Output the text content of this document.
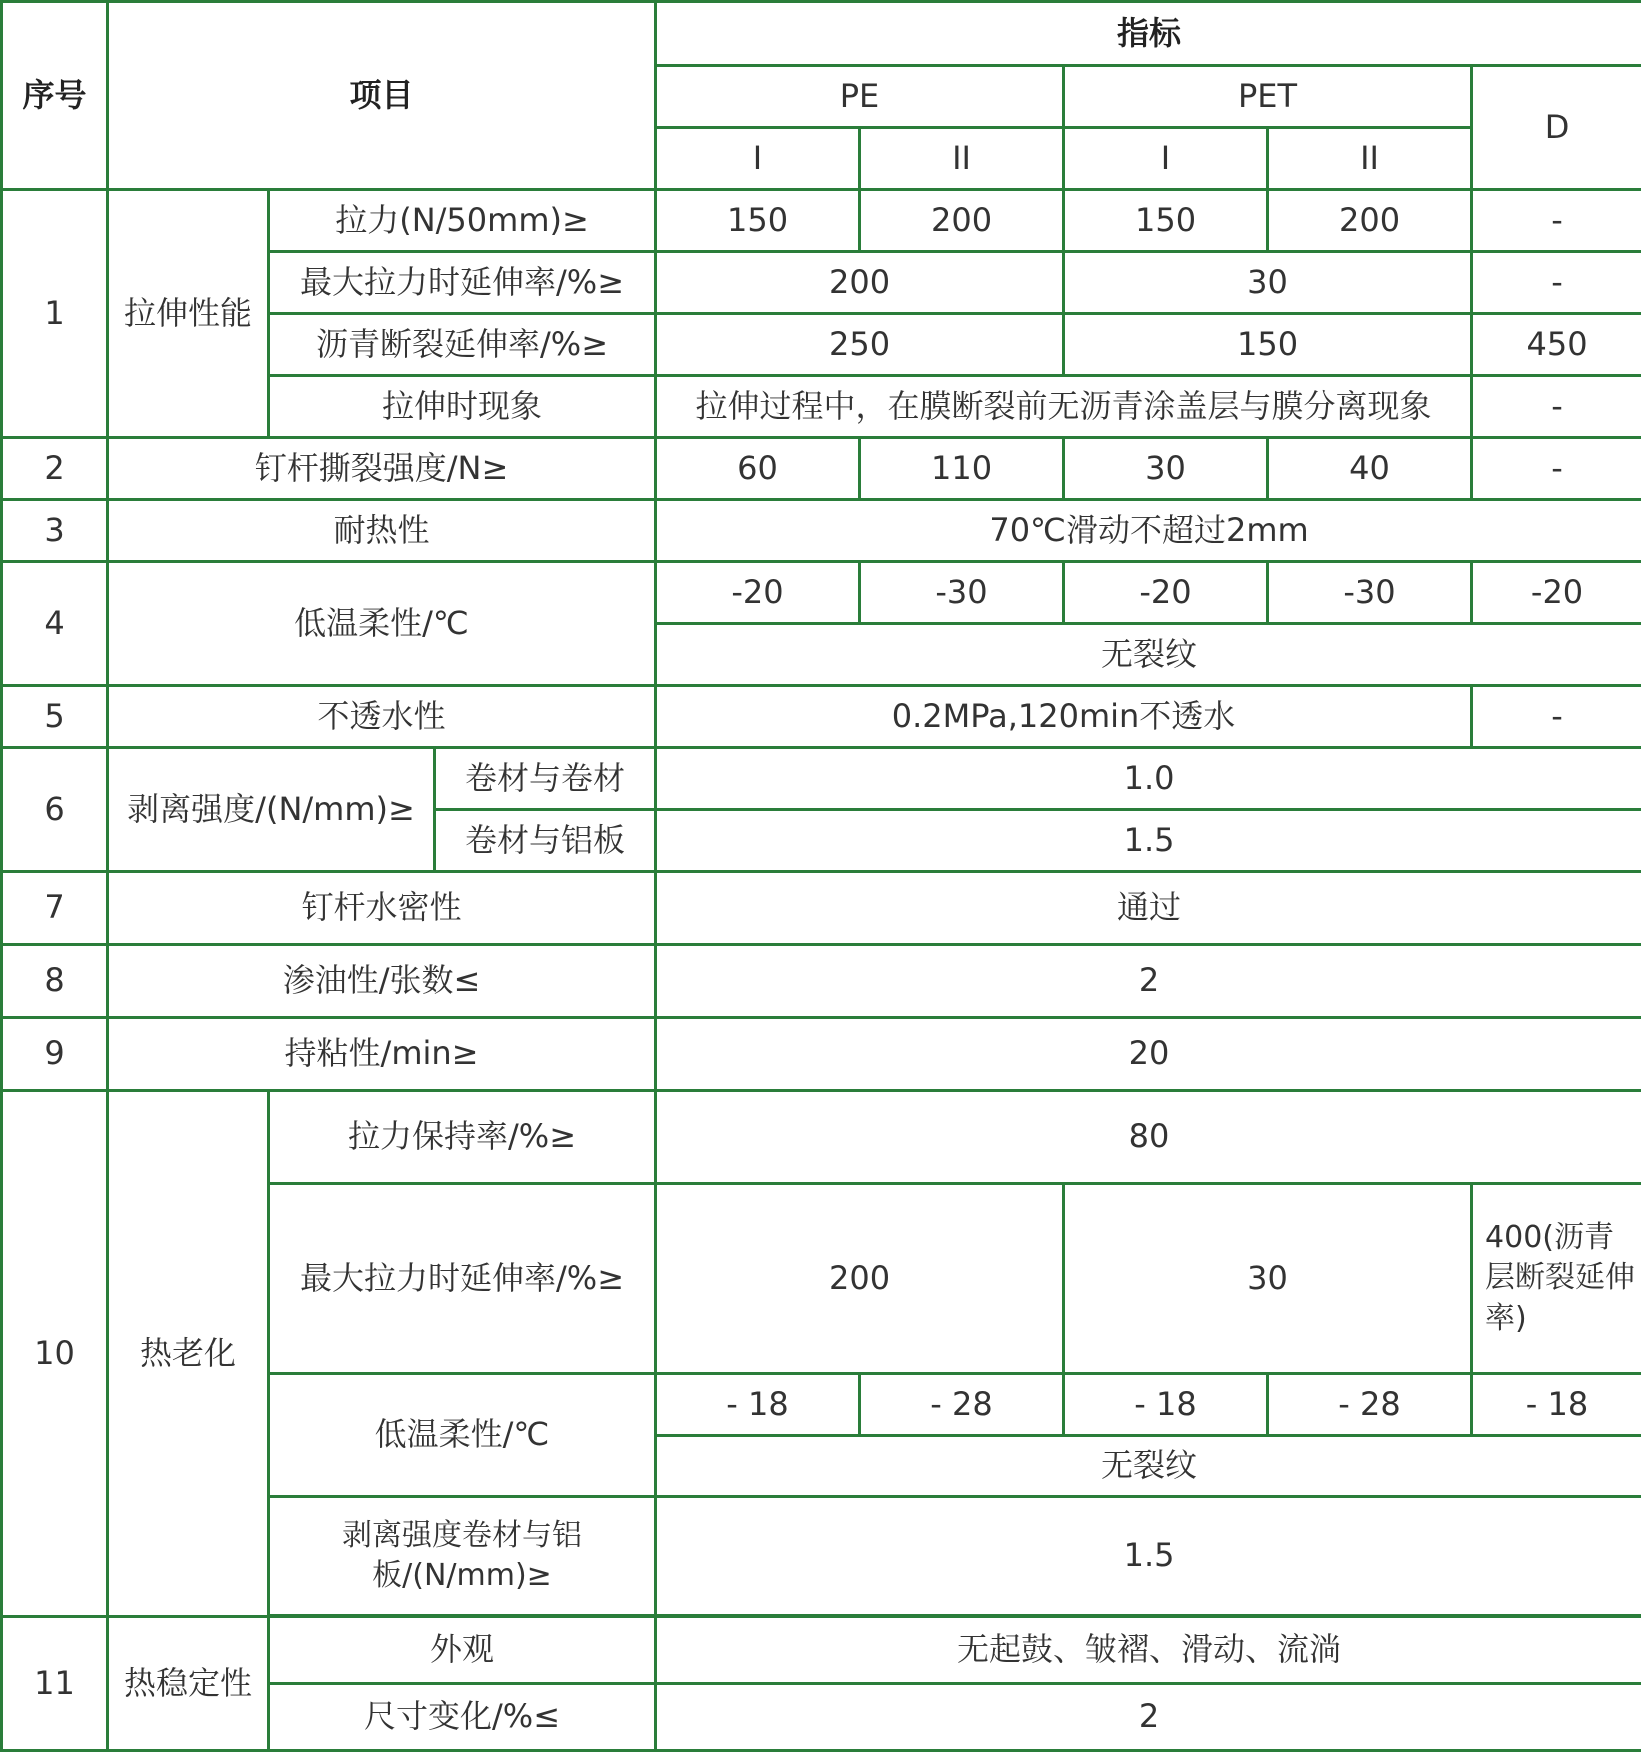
序号	项目			指标				
				PE		PET		D
				I	II	I	II	
1	拉伸性能	拉力(N/50mm)≥		150	200	150	200	-
		最大拉力时延伸率/%≥		200		30		-
		沥青断裂延伸率/%≥		250		150		450
		拉伸时现象		拉伸过程中，在膜断裂前无沥青涂盖层与膜分离现象				-
2	钉杆撕裂强度/N≥			60	110	30	40	-
3	耐热性			70℃滑动不超过2mm				
4	低温柔性/℃			-20	-30	-20	-30	-20
				无裂纹				
5	不透水性			0.2MPa,120min不透水				-
6	剥离强度/(N/mm)≥		卷材与卷材	1.0				
			卷材与铝板	1.5				
7	钉杆水密性			通过				
8	渗油性/张数≤			2				
9	持粘性/min≥			20				
10	热老化	拉力保持率/%≥		80				
		最大拉力时延伸率/%≥		200		30		400(沥青层断裂延伸率)
		低温柔性/℃		- 18	- 28	- 18	- 28	- 18
				无裂纹				
		剥离强度卷材与铝板/(N/mm)≥		1.5				

11	热稳定性	外观		无起鼓、皱褶、滑动、流淌				
		尺寸变化/%≤		2				
